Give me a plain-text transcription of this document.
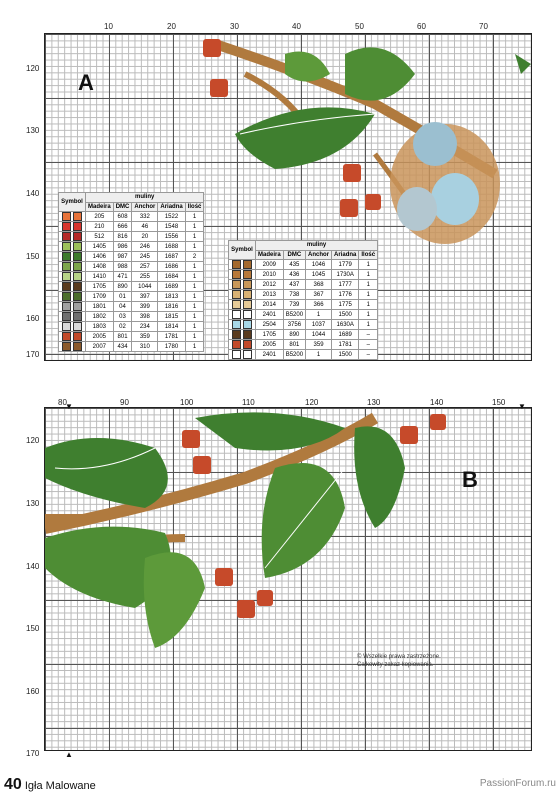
A
10	20	30	40	50	60	70
120
130
140
150
160
170
Symbol	muliny				
	Madeira	DMC	Anchor	Ariadna	Ilość
	205	608	332	1522	1
	210	666	46	1548	1
	512	816	20	1556	1
	1405	986	246	1688	1
	1406	987	245	1687	2
	1408	988	257	1686	1
	1410	471	255	1684	1
	1705	890	1044	1689	1
	1709	01	397	1813	1
	1801	04	399	1816	1
	1802	03	398	1815	1
	1803	02	234	1814	1
	2005	801	359	1781	1
	2007	434	310	1780	1
Symbol	muliny				
	Madeira	DMC	Anchor	Ariadna	Ilość
	2009	435	1046	1779	1
	2010	436	1045	1730A	1
	2012	437	368	1777	1
	2013	738	367	1776	1
	2014	739	366	1775	1
	2401	B5200	1	1500	1
	2504	3756	1037	1630A	1
	1705	890	1044	1689	–
	2005	801	359	1781	–
	2401	B5200	1	1500	–
B
80	90	100	110	120	130	140	150
120
130
140
150
160
170
▼
▲
▼
© Wszelkie prawa zastrzeżone.
Całkowity zakaz kopiowania.
40 Igła Malowane	PassionForum.ru
